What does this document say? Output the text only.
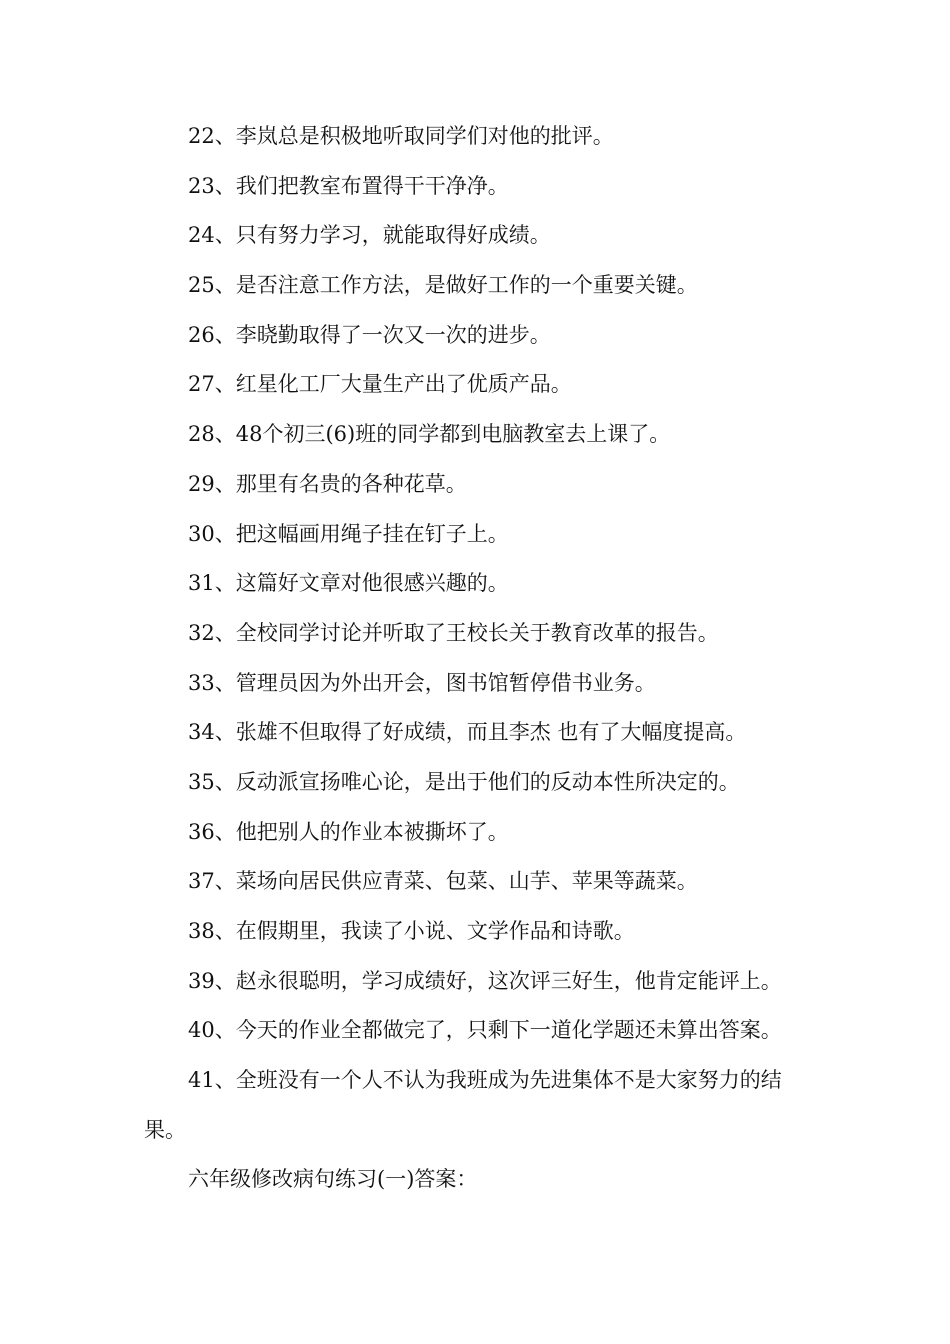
22、李岚总是积极地听取同学们对他的批评。
23、我们把教室布置得干干净净。
24、只有努力学习，就能取得好成绩。
25、是否注意工作方法，是做好工作的一个重要关键。
26、李晓勤取得了一次又一次的进步。
27、红星化工厂大量生产出了优质产品。
28、48个初三(6)班的同学都到电脑教室去上课了。
29、那里有名贵的各种花草。
30、把这幅画用绳子挂在钉子上。
31、这篇好文章对他很感兴趣的。
32、全校同学讨论并听取了王校长关于教育改革的报告。
33、管理员因为外出开会，图书馆暂停借书业务。
34、张雄不但取得了好成绩，而且李杰 也有了大幅度提高。
35、反动派宣扬唯心论，是出于他们的反动本性所决定的。
36、他把别人的作业本被撕坏了。
37、菜场向居民供应青菜、包菜、山芋、苹果等蔬菜。
38、在假期里，我读了小说、文学作品和诗歌。
39、赵永很聪明，学习成绩好，这次评三好生，他肯定能评上。
40、今天的作业全都做完了，只剩下一道化学题还未算出答案。
41、全班没有一个人不认为我班成为先进集体不是大家努力的结
果。
六年级修改病句练习(一)答案：
